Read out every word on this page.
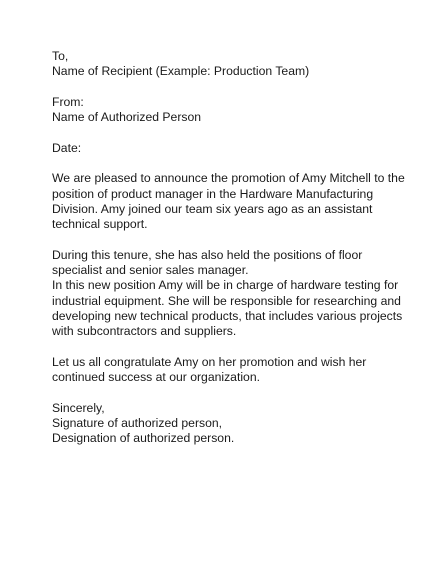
To,
Name of Recipient (Example: Production Team)
From:
Name of Authorized Person
Date:
We are pleased to announce the promotion of Amy Mitchell to the
position of product manager in the Hardware Manufacturing
Division. Amy joined our team six years ago as an assistant
technical support.
During this tenure, she has also held the positions of floor
specialist and senior sales manager.
In this new position Amy will be in charge of hardware testing for
industrial equipment. She will be responsible for researching and
developing new technical products, that includes various projects
with subcontractors and suppliers.
Let us all congratulate Amy on her promotion and wish her
continued success at our organization.
Sincerely,
Signature of authorized person,
Designation of authorized person.
